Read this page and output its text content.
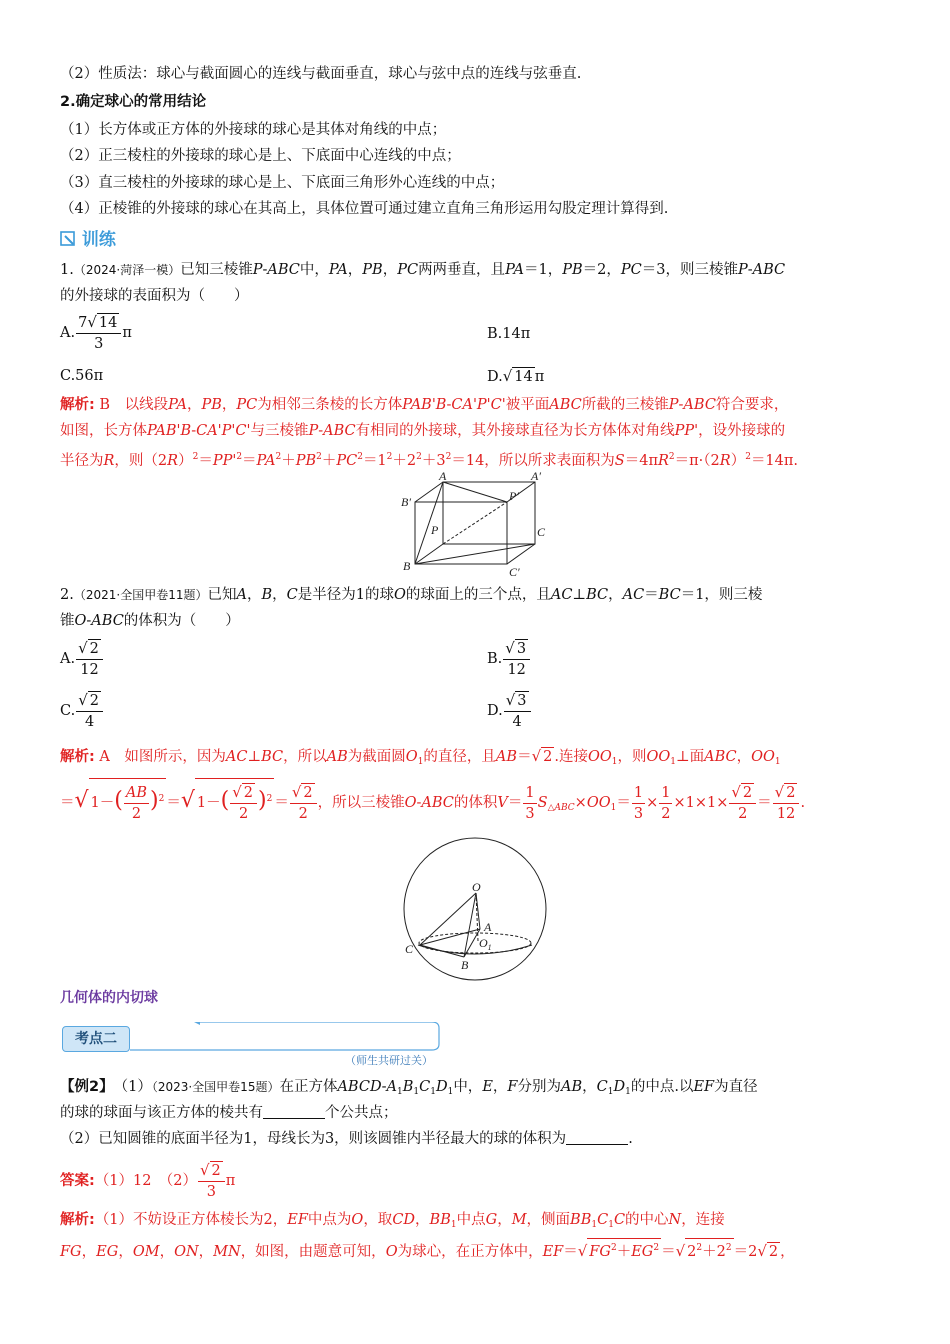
（2）性质法：球心与截面圆心的连线与截面垂直，球心与弦中点的连线与弦垂直.
2.确定球心的常用结论
（1）长方体或正方体的外接球的球心是其体对角线的中点；
（2）正三棱柱的外接球的球心是上、下底面中心连线的中点；
（3）直三棱柱的外接球的球心是上、下底面三角形外心连线的中点；
（4）正棱锥的外接球的球心在其高上，具体位置可通过建立直角三角形运用勾股定理计算得到.
训练
1.（2024·菏泽一模）已知三棱锥P-ABC中，PA，PB，PC两两垂直，且PA＝1，PB＝2，PC＝3，则三棱锥P-ABC
的外接球的表面积为（　　）
A. $\frac{7√ 14}{3}$ π	B.14π
C.56π	D.√ 14 π
解析: B　以线段PA，PB，PC为相邻三条棱的长方体PAB'B-CA'P'C'被平面ABC所截的三棱锥P-ABC符合要求，
如图，长方体PAB'B-CA'P'C'与三棱锥P-ABC有相同的外接球，其外接球直径为长方体体对角线PP'，设外接球的
半径为R，则$(2R)^2=PP'^2=PA^2+PB^2+PC^2=1^2+2^2+3^2=14$，所以所求表面积为$S=4\pi R^2=\pi\cdot(2R)^2=14\pi$.
A	A′
B′	P′
P	C
B	C′
2.（2021·全国甲卷11题）已知A，B，C是半径为1的球O的球面上的三个点，且AC⊥BC，AC＝BC＝1，则三棱
锥O-ABC的体积为（　　）
A. $\frac{√ 2}{12}$	B. $\frac{√ 3}{12}$
C. $\frac{√ 2}{4}$	D. $\frac{√ 3}{4}$
解析: A　如图所示，因为AC⊥BC，所以AB为截面圆$O_1$的直径，且AB＝√ 2 .连接$OO_1$，则$OO_1\perp$面ABC，$OO_1$
＝√ $1-( \frac{AB}{2} )^2$ ＝√ $1-( \frac{√ 2}{2} )^2 = \frac{√ 2}{2}$ ，所以三棱锥O-ABC的体积$V= \frac{1}{3} S_{\triangle ABC}\times OO_1= \frac{1}{3} \times \frac{1}{2} \times 1\times 1\times \frac{√ 2}{2} = \frac{√ 2}{12}$ .
O
A
$O_1$
C
B
几何体的内切球
考点二
（师生共研过关）
【例2】　（1）（2023·全国甲卷15题）在正方体ABCD-$A_1B_1C_1D_1$中，E，F分别为AB，$C_1D_1$的中点.以EF为直径
的球的球面与该正方体的棱共有	个公共点；
（2）已知圆锥的底面半径为1，母线长为3，则该圆锥内半径最大的球的体积为	.
答案:（1）12　$(2) \frac{√ 2}{3}$ π
解析:（1）不妨设正方体棱长为2，EF中点为O，取CD，$BB_1$中点G，M，侧面$BB_1C_1C$的中心N，连接
FG，EG，OM，ON，MN，如图，由题意可知，O为球心，在正方体中，EF＝√ $FG^2+EG^2$ ＝√ $2^2+2^2 =2√$ 2 ，
